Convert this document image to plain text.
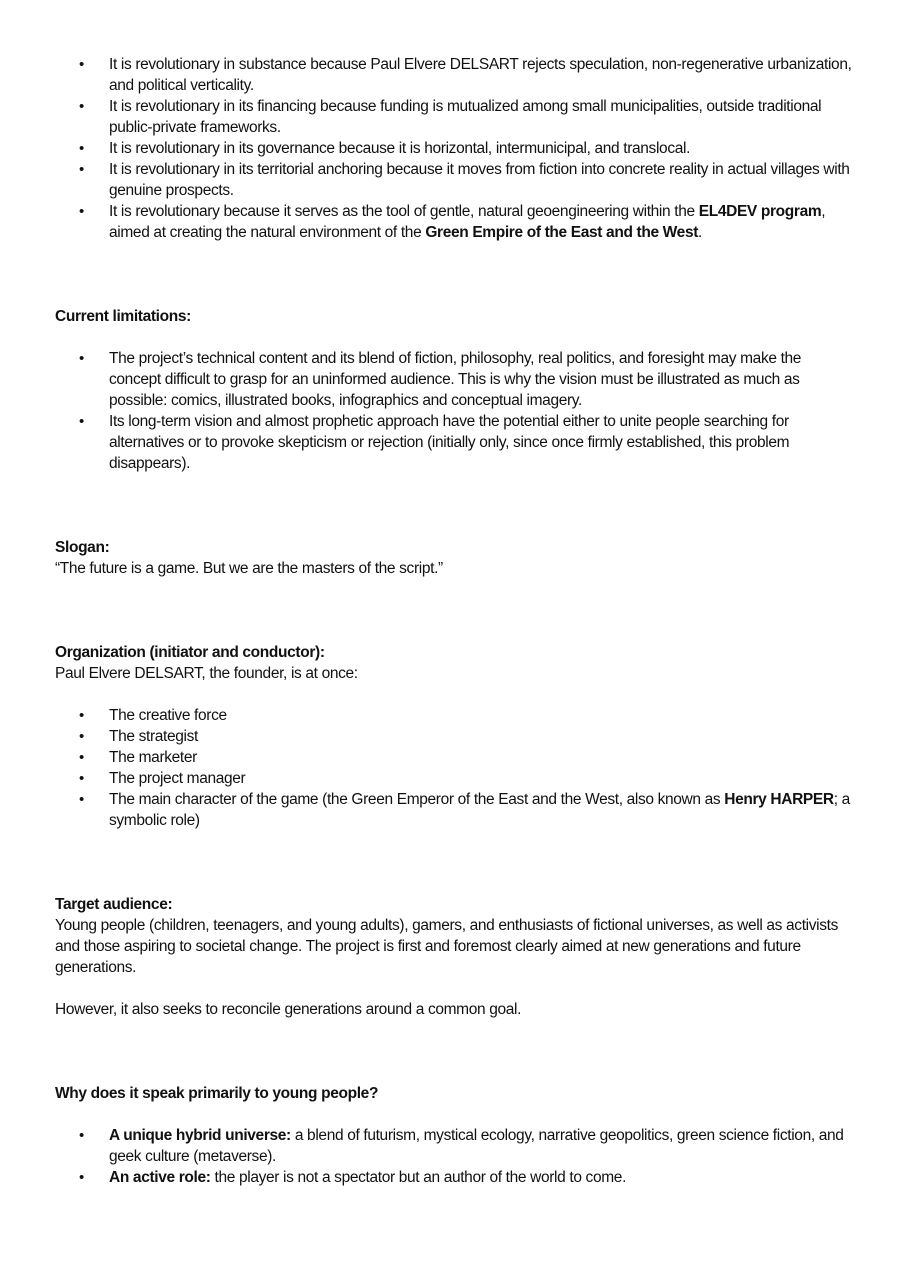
• It is revolutionary in substance because Paul Elvere DELSART rejects speculation, non-regenerative urbanization, and political verticality.
• It is revolutionary in its financing because funding is mutualized among small municipalities, outside traditional public-private frameworks.
• It is revolutionary in its governance because it is horizontal, intermunicipal, and translocal.
• It is revolutionary in its territorial anchoring because it moves from fiction into concrete reality in actual villages with genuine prospects.
• It is revolutionary because it serves as the tool of gentle, natural geoengineering within the EL4DEV program, aimed at creating the natural environment of the Green Empire of the East and the West.

Current limitations:

• The project’s technical content and its blend of fiction, philosophy, real politics, and foresight may make the concept difficult to grasp for an uninformed audience. This is why the vision must be illustrated as much as possible: comics, illustrated books, infographics and conceptual imagery.
• Its long-term vision and almost prophetic approach have the potential either to unite people searching for alternatives or to provoke skepticism or rejection (initially only, since once firmly established, this problem disappears).

Slogan:

“The future is a game. But we are the masters of the script.”

Organization (initiator and conductor):

Paul Elvere DELSART, the founder, is at once:

• The creative force
• The strategist
• The marketer
• The project manager
• The main character of the game (the Green Emperor of the East and the West, also known as Henry HARPER; a symbolic role)

Target audience:

Young people (children, teenagers, and young adults), gamers, and enthusiasts of fictional universes, as well as activists and those aspiring to societal change. The project is first and foremost clearly aimed at new generations and future generations.

However, it also seeks to reconcile generations around a common goal.

Why does it speak primarily to young people?

• A unique hybrid universe: a blend of futurism, mystical ecology, narrative geopolitics, green science fiction, and geek culture (metaverse).
• An active role: the player is not a spectator but an author of the world to come.
